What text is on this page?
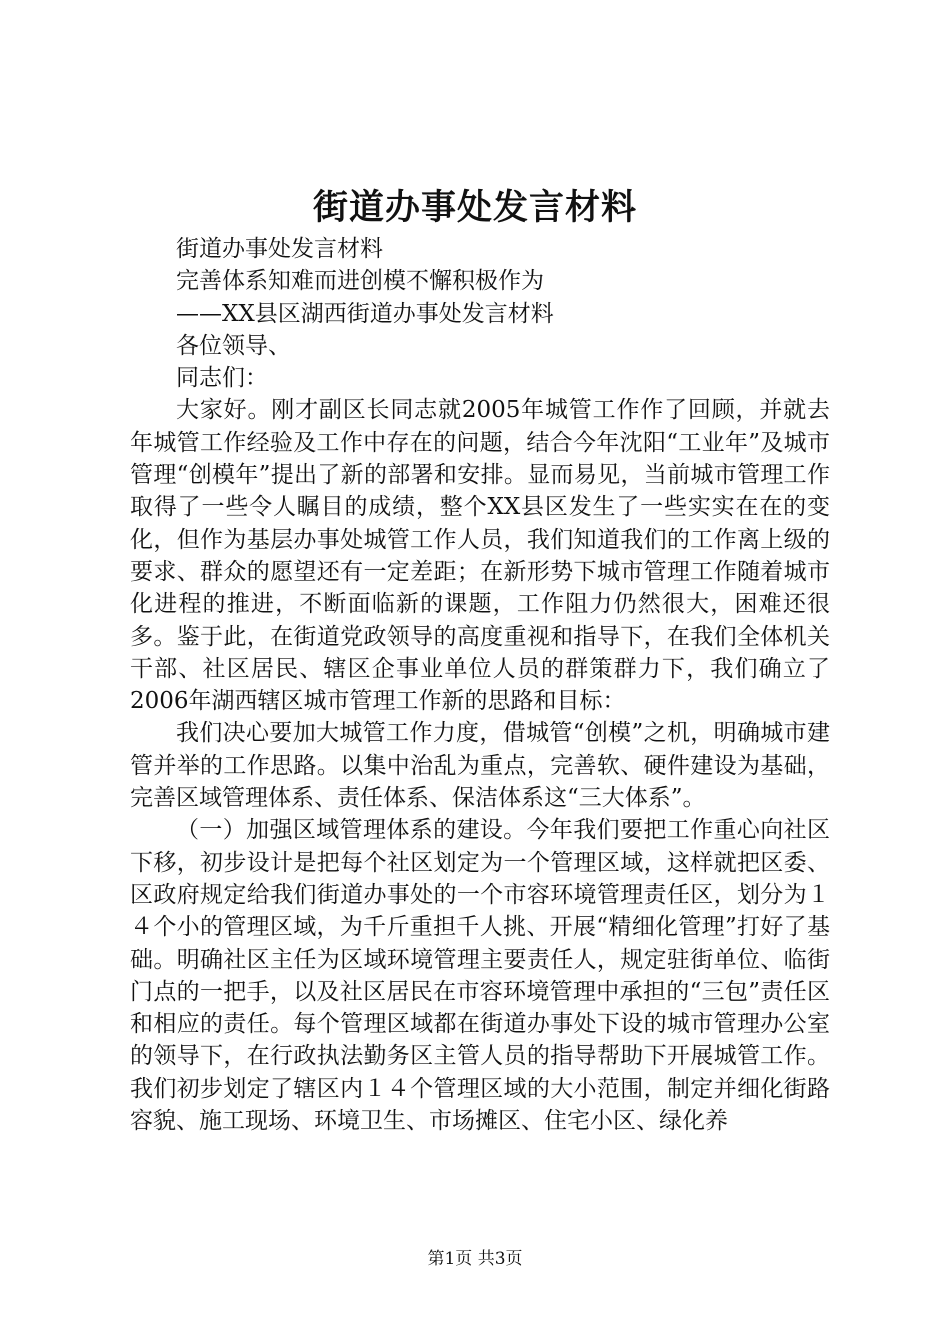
街道办事处发言材料

街道办事处发言材料

完善体系知难而进创模不懈积极作为

——XX县区湖西街道办事处发言材料

各位领导、

同志们：

大家好。刚才副区长同志就2005年城管工作作了回顾，并就去年城管工作经验及工作中存在的问题，结合今年沈阳“工业年”及城市管理“创模年”提出了新的部署和安排。显而易见，当前城市管理工作取得了一些令人瞩目的成绩，整个XX县区发生了一些实实在在的变化，但作为基层办事处城管工作人员，我们知道我们的工作离上级的要求、群众的愿望还有一定差距；在新形势下城市管理工作随着城市化进程的推进，不断面临新的课题，工作阻力仍然很大，困难还很多。鉴于此，在街道党政领导的高度重视和指导下，在我们全体机关干部、社区居民、辖区企事业单位人员的群策群力下，我们确立了2006年湖西辖区城市管理工作新的思路和目标：

我们决心要加大城管工作力度，借城管“创模”之机，明确城市建管并举的工作思路。以集中治乱为重点，完善软、硬件建设为基础，完善区域管理体系、责任体系、保洁体系这“三大体系”。

（一）加强区域管理体系的建设。今年我们要把工作重心向社区下移，初步设计是把每个社区划定为一个管理区域，这样就把区委、区政府规定给我们街道办事处的一个市容环境管理责任区，划分为１４个小的管理区域，为千斤重担千人挑、开展“精细化管理”打好了基础。明确社区主任为区域环境管理主要责任人，规定驻街单位、临街门点的一把手，以及社区居民在市容环境管理中承担的“三包”责任区和相应的责任。每个管理区域都在街道办事处下设的城市管理办公室的领导下，在行政执法勤务区主管人员的指导帮助下开展城管工作。我们初步划定了辖区内１４个管理区域的大小范围，制定并细化街路容貌、施工现场、环境卫生、市场摊区、住宅小区、绿化养

第1页 共3页
